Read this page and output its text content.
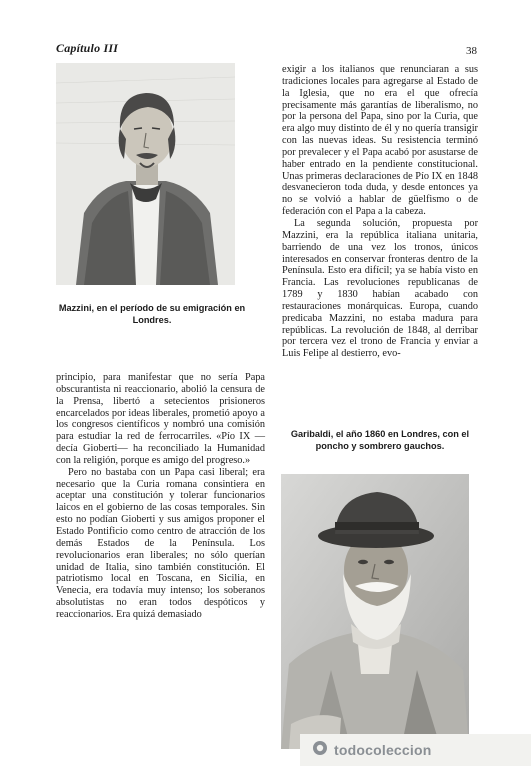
Capítulo III	38

Mazzini, en el período de su emigración en Londres.

exigir a los italianos que renunciaran a sus tradiciones locales para agregarse al Estado de la Iglesia, que no era el que ofrecía precisamente más garantías de liberalismo, no por la persona del Papa, sino por la Curia, que era algo muy distinto de él y no quería transigir con las nuevas ideas. Su resistencia terminó por prevalecer y el Papa acabó por asustarse de haber entrado en la pendiente constitucional. Unas primeras declaraciones de Pío IX en 1848 desvanecieron toda duda, y desde entonces ya no se volvió a hablar de güelfismo o de federación con el Papa a la cabeza.

La segunda solución, propuesta por Mazzini, era la república italiana unitaria, barriendo de una vez los tronos, únicos interesados en conservar fronteras dentro de la Península. Esto era difícil; ya se había visto en Francia. Las revoluciones republicanas de 1789 y 1830 habían acabado con restauraciones monárquicas. Europa, cuando predicaba Mazzini, no estaba madura para repúblicas. La revolución de 1848, al derribar por tercera vez el trono de Francia y enviar a Luis Felipe al destierro, evo-

principio, para manifestar que no sería Papa obscurantista ni reaccionario, abolió la censura de la Prensa, libertó a setecientos prisioneros encarcelados por ideas liberales, prometió apoyo a los congresos científicos y nombró una comisión para estudiar la red de ferrocarriles. «Pío IX —decía Gioberti— ha reconciliado la Humanidad con la religión, porque es amigo del progreso.»

Pero no bastaba con un Papa casi liberal; era necesario que la Curia romana consintiera en aceptar una constitución y tolerar funcionarios laicos en el gobierno de las cosas temporales. Sin esto no podían Gioberti y sus amigos proponer el Estado Pontificio como centro de atracción de los demás Estados de la Península. Los revolucionarios eran liberales; no sólo querían unidad de Italia, sino también constitución. El patriotismo local en Toscana, en Sicilia, en Venecia, era todavía muy intenso; los soberanos absolutistas no eran todos despóticos y reaccionarios. Era quizá demasiado

Garibaldi, el año 1860 en Londres, con el poncho y sombrero gauchos.

todocoleccion
